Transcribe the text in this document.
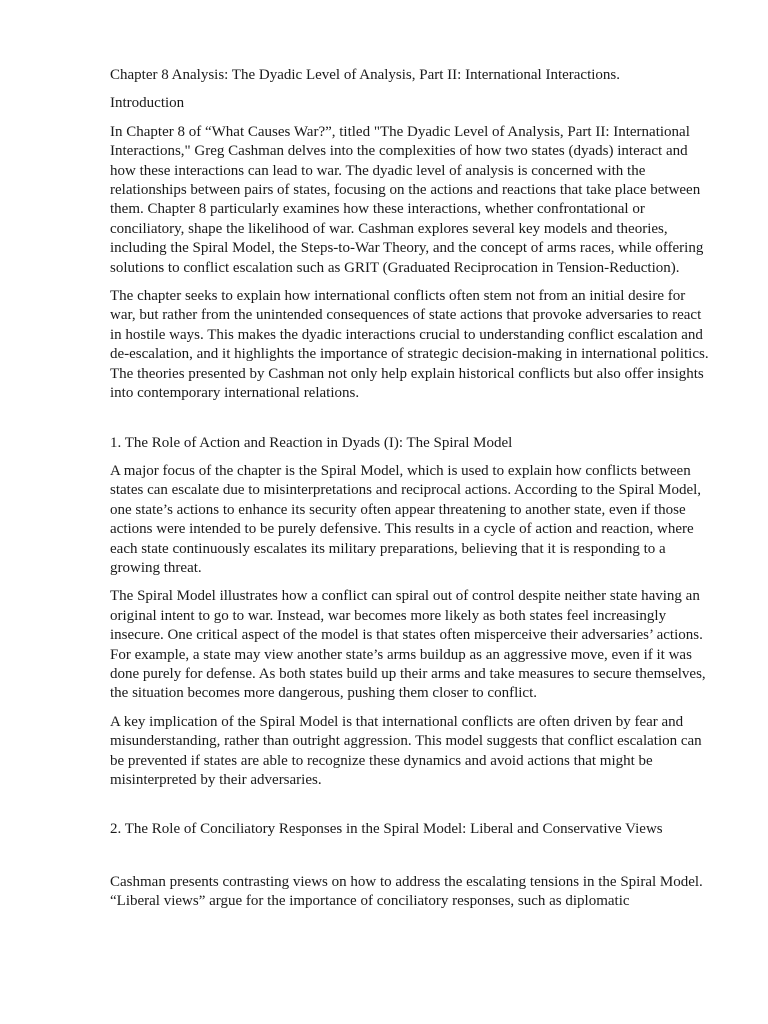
Chapter 8 Analysis: The Dyadic Level of Analysis, Part II: International Interactions.

Introduction

In Chapter 8 of “What Causes War?”, titled "The Dyadic Level of Analysis, Part II: International Interactions," Greg Cashman delves into the complexities of how two states (dyads) interact and how these interactions can lead to war. The dyadic level of analysis is concerned with the relationships between pairs of states, focusing on the actions and reactions that take place between them. Chapter 8 particularly examines how these interactions, whether confrontational or conciliatory, shape the likelihood of war. Cashman explores several key models and theories, including the Spiral Model, the Steps-to-War Theory, and the concept of arms races, while offering solutions to conflict escalation such as GRIT (Graduated Reciprocation in Tension-Reduction).

The chapter seeks to explain how international conflicts often stem not from an initial desire for war, but rather from the unintended consequences of state actions that provoke adversaries to react in hostile ways. This makes the dyadic interactions crucial to understanding conflict escalation and de-escalation, and it highlights the importance of strategic decision-making in international politics. The theories presented by Cashman not only help explain historical conflicts but also offer insights into contemporary international relations.

1. The Role of Action and Reaction in Dyads (I): The Spiral Model

A major focus of the chapter is the Spiral Model, which is used to explain how conflicts between states can escalate due to misinterpretations and reciprocal actions. According to the Spiral Model, one state’s actions to enhance its security often appear threatening to another state, even if those actions were intended to be purely defensive. This results in a cycle of action and reaction, where each state continuously escalates its military preparations, believing that it is responding to a growing threat.

The Spiral Model illustrates how a conflict can spiral out of control despite neither state having an original intent to go to war. Instead, war becomes more likely as both states feel increasingly insecure. One critical aspect of the model is that states often misperceive their adversaries’ actions. For example, a state may view another state’s arms buildup as an aggressive move, even if it was done purely for defense. As both states build up their arms and take measures to secure themselves, the situation becomes more dangerous, pushing them closer to conflict.

A key implication of the Spiral Model is that international conflicts are often driven by fear and misunderstanding, rather than outright aggression. This model suggests that conflict escalation can be prevented if states are able to recognize these dynamics and avoid actions that might be misinterpreted by their adversaries.

2. The Role of Conciliatory Responses in the Spiral Model: Liberal and Conservative Views

Cashman presents contrasting views on how to address the escalating tensions in the Spiral Model. “Liberal views” argue for the importance of conciliatory responses, such as diplomatic
